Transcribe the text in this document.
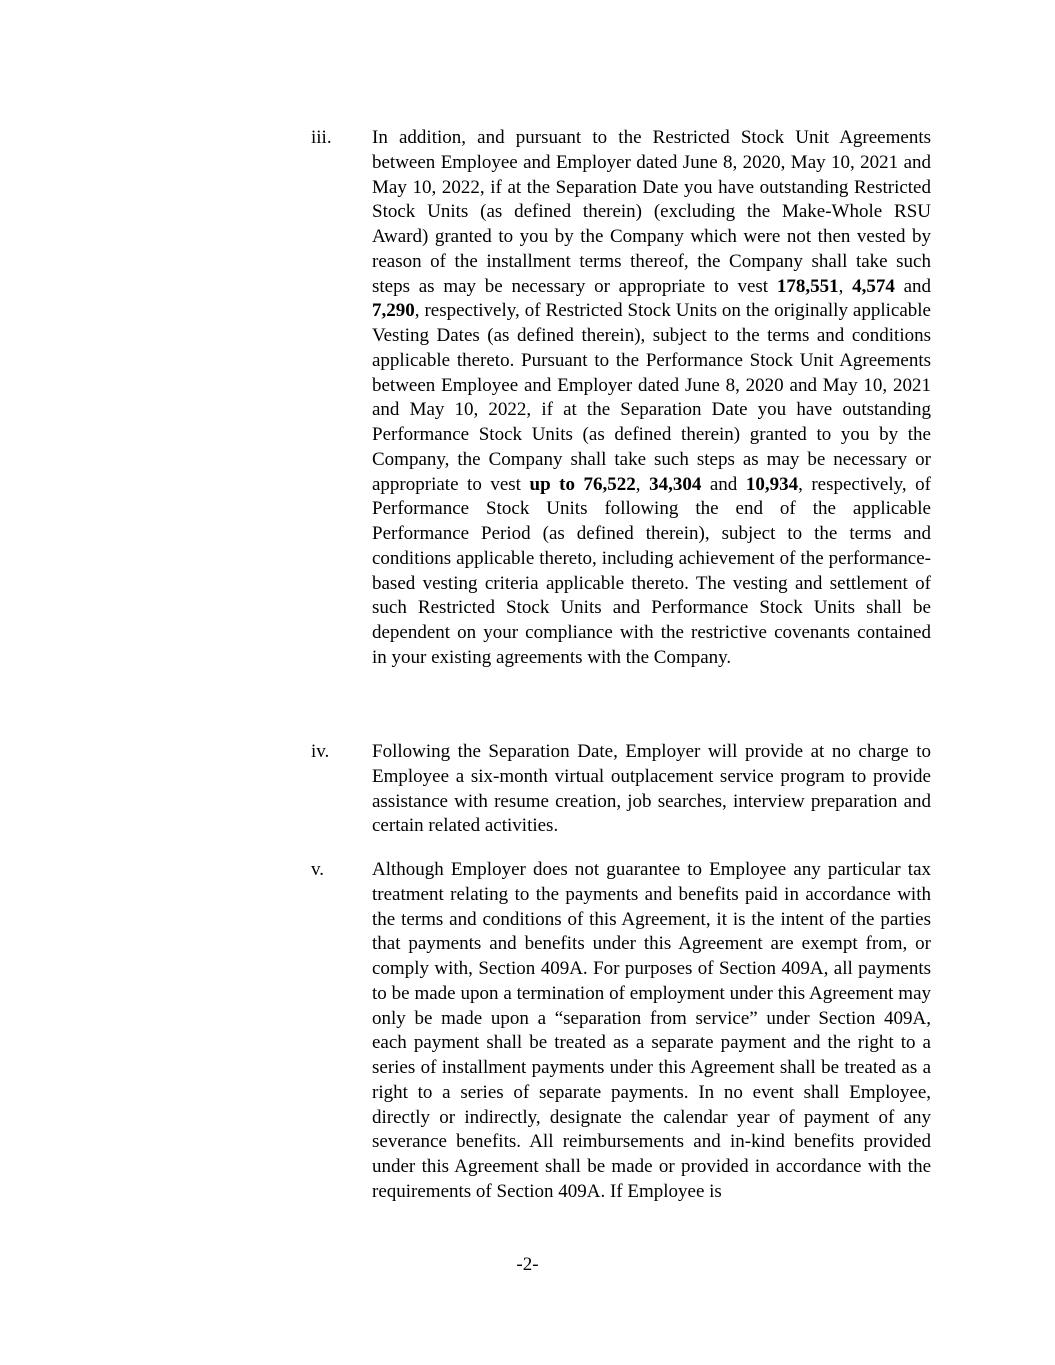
iii. In addition, and pursuant to the Restricted Stock Unit Agreements between Employee and Employer dated June 8, 2020, May 10, 2021 and May 10, 2022, if at the Separation Date you have outstanding Restricted Stock Units (as defined therein) (excluding the Make-Whole RSU Award) granted to you by the Company which were not then vested by reason of the installment terms thereof, the Company shall take such steps as may be necessary or appropriate to vest 178,551, 4,574 and 7,290, respectively, of Restricted Stock Units on the originally applicable Vesting Dates (as defined therein), subject to the terms and conditions applicable thereto. Pursuant to the Performance Stock Unit Agreements between Employee and Employer dated June 8, 2020 and May 10, 2021 and May 10, 2022, if at the Separation Date you have outstanding Performance Stock Units (as defined therein) granted to you by the Company, the Company shall take such steps as may be necessary or appropriate to vest up to 76,522, 34,304 and 10,934, respectively, of Performance Stock Units following the end of the applicable Performance Period (as defined therein), subject to the terms and conditions applicable thereto, including achievement of the performance-based vesting criteria applicable thereto. The vesting and settlement of such Restricted Stock Units and Performance Stock Units shall be dependent on your compliance with the restrictive covenants contained in your existing agreements with the Company.

iv. Following the Separation Date, Employer will provide at no charge to Employee a six-month virtual outplacement service program to provide assistance with resume creation, job searches, interview preparation and certain related activities.

v.	Although Employer does not guarantee to Employee any particular tax treatment relating to the payments and benefits paid in accordance with the terms and conditions of this Agreement, it is the intent of the parties that payments and benefits under this Agreement are exempt from, or comply with, Section 409A. For purposes of Section 409A, all payments to be made upon a termination of employment under this Agreement may only be made upon a “separation from service” under Section 409A, each payment shall be treated as a separate payment and the right to a series of installment payments under this Agreement shall be treated as a right to a series of separate payments. In no event shall Employee, directly or indirectly, designate the calendar year of payment of any severance benefits. All reimbursements and in-kind benefits provided under this Agreement shall be made or provided in accordance with the requirements of Section 409A. If Employee is

-2-
